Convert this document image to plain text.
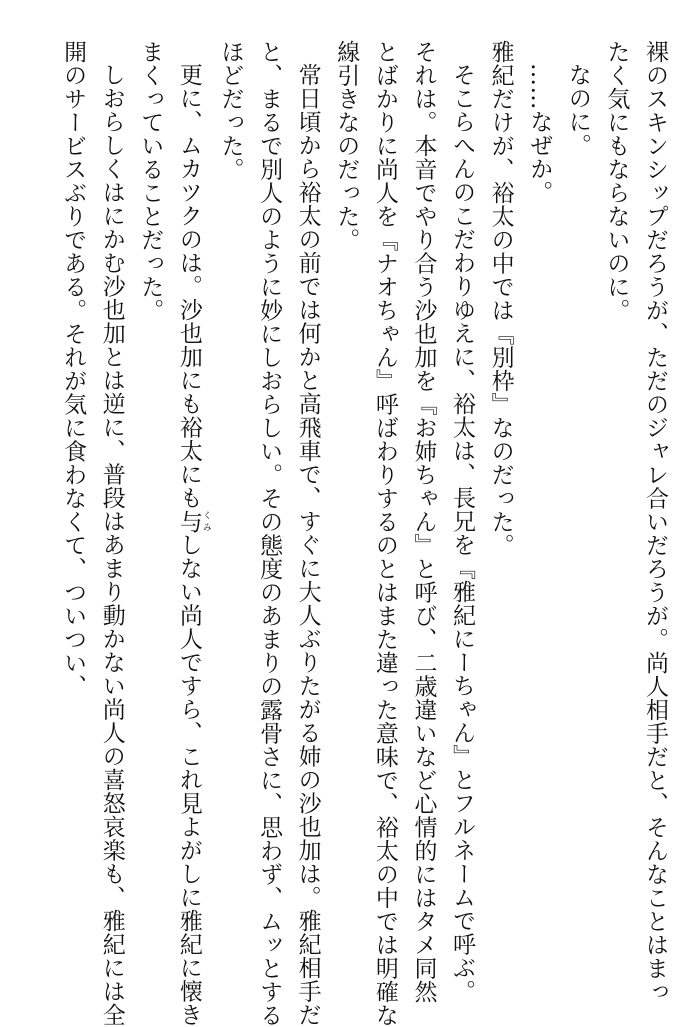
裸のスキンシップだろうが、ただのジャレ合いだろうが。尚人相手だと、そんなことはまっ
たく気にもならないのに。
なのに。
……なぜか。
雅紀だけが、裕太の中では『別枠』なのだった。
そこらへんのこだわりゆえに、裕太は、長兄を『雅紀にーちゃん』とフルネームで呼ぶ。
それは。本音でやり合う沙也加を『お姉ちゃん』と呼び、二歳違いなど心情的にはタメ同然
とばかりに尚人を『ナオちゃん』呼ばわりするのとはまた違った意味で、裕太の中では明確な
線引きなのだった。
常日頃から裕太の前では何かと高飛車で、すぐに大人ぶりたがる姉の沙也加は。雅紀相手だ
と、まるで別人のように妙にしおらしい。その態度のあまりの露骨さに、思わず、ムッとする
ほどだった。
更に、ムカツクのは。沙也加にも裕太にも与 くみしない尚人ですら、これ見よがしに雅紀に懐き
まくっていることだった。
しおらしくはにかむ沙也加とは逆に、普段はあまり動かない尚人の喜怒哀楽も、雅紀には全
開のサービスぶりである。それが気に食わなくて、ついつい、
